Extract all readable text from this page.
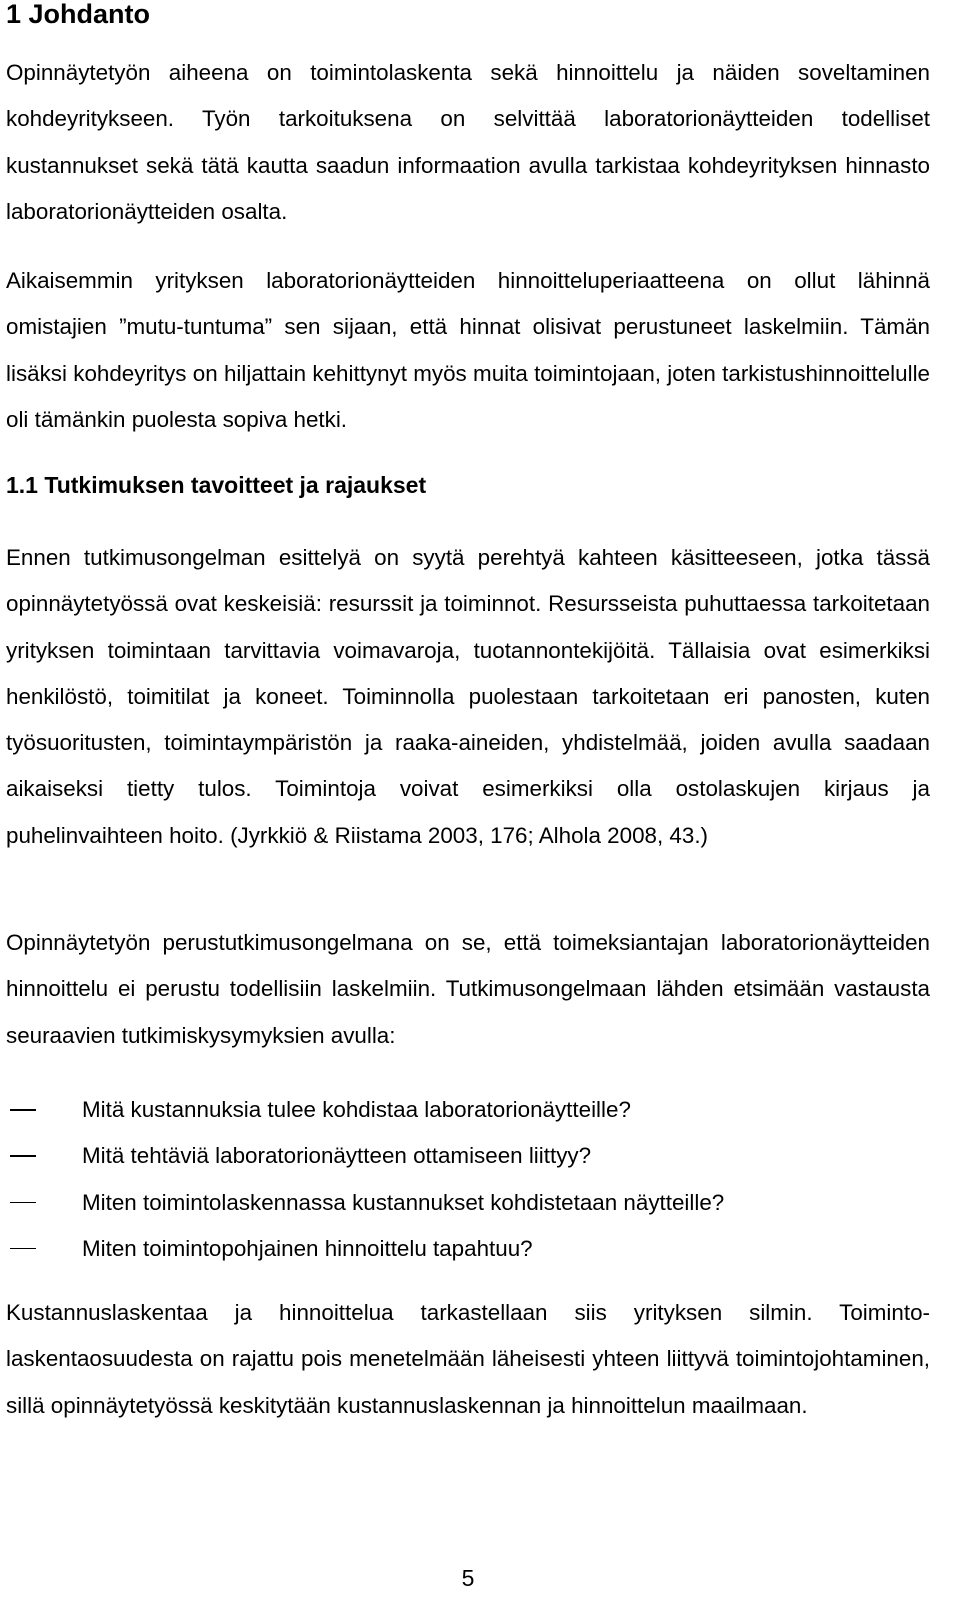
1 Johdanto

Opinnäytetyön aiheena on toimintolaskenta sekä hinnoittelu ja näiden soveltaminen kohdeyritykseen. Työn tarkoituksena on selvittää laboratorionäytteiden todelliset kustannukset sekä tätä kautta saadun informaation avulla tarkistaa kohdeyrityksen hinnasto laboratorionäytteiden osalta.

Aikaisemmin yrityksen laboratorionäytteiden hinnoitteluperiaatteena on ollut lähinnä omistajien ”mutu-tuntuma” sen sijaan, että hinnat olisivat perustuneet laskelmiin. Tämän lisäksi kohdeyritys on hiljattain kehittynyt myös muita toimintojaan, joten tarkistushinnoittelulle oli tämänkin puolesta sopiva hetki.

1.1 Tutkimuksen tavoitteet ja rajaukset

Ennen tutkimusongelman esittelyä on syytä perehtyä kahteen käsitteeseen, jotka tässä opinnäytetyössä ovat keskeisiä: resurssit ja toiminnot. Resursseista puhuttaessa tarkoitetaan yrityksen toimintaan tarvittavia voimavaroja, tuotannontekijöitä. Tällaisia ovat esimerkiksi henkilöstö, toimitilat ja koneet. Toiminnolla puolestaan tarkoitetaan eri panosten, kuten työsuoritusten, toimintaympäristön ja raaka-aineiden, yhdistelmää, joiden avulla saadaan aikaiseksi tietty tulos. Toimintoja voivat esimerkiksi olla ostolaskujen kirjaus ja puhelinvaihteen hoito. (Jyrkkiö & Riistama 2003, 176; Alhola 2008, 43.)

Opinnäytetyön perustutkimusongelmana on se, että toimeksiantajan laboratorionäytteiden hinnoittelu ei perustu todellisiin laskelmiin. Tutkimusongelmaan lähden etsimään vastausta seuraavien tutkimiskysymyksien avulla:

Mitä kustannuksia tulee kohdistaa laboratorionäytteille?
Mitä tehtäviä laboratorionäytteen ottamiseen liittyy?
Miten toimintolaskennassa kustannukset kohdistetaan näytteille?
Miten toimintopohjainen hinnoittelu tapahtuu?

Kustannuslaskentaa ja hinnoittelua tarkastellaan siis yrityksen silmin. Toimintolaskentaosuudesta on rajattu pois menetelmään läheisesti yhteen liittyvä toimintojohtaminen, sillä opinnäytetyössä keskitytään kustannuslaskennan ja hinnoittelun maailmaan.

5
